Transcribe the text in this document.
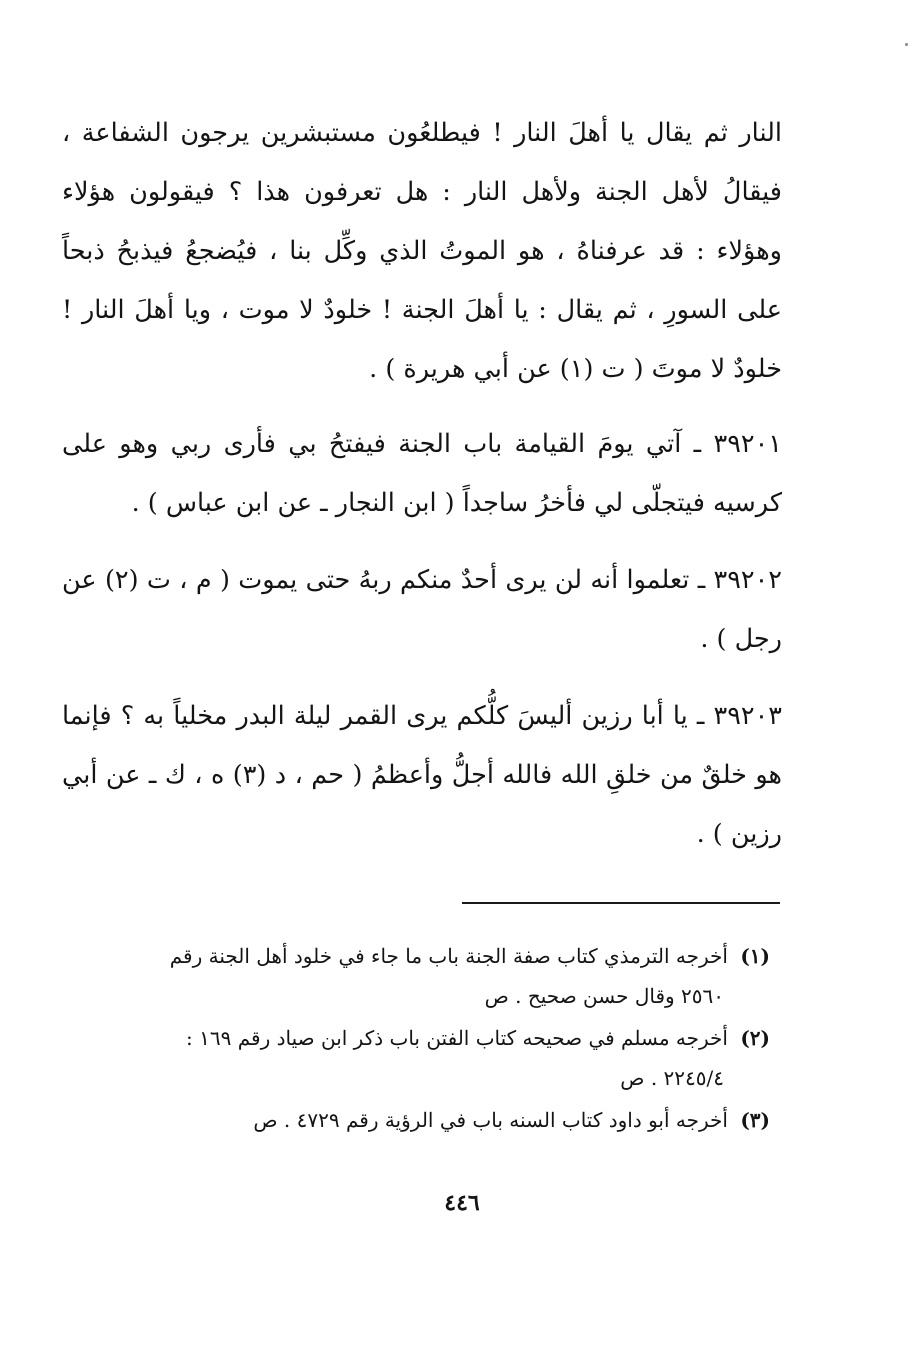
النار ثم يقال يا أهلَ النار ! فيطلعُون مستبشرين يرجون الشفاعة ، فيقالُ لأهل الجنة ولأهل النار : هل تعرفون هذا ؟ فيقولون هؤلاء وهؤلاء : قد عرفناهُ ، هو الموتُ الذي وكِّل بنا ، فيُضجعُ فيذبحُ ذبحاً على السورِ ، ثم يقال : يا أهلَ الجنة ! خلودٌ لا موت ، ويا أهلَ النار ! خلودٌ لا موتَ ( ت (١) عن أبي هريرة ) .

٣٩٢٠١ ـ آتي يومَ القيامة باب الجنة فيفتحُ بي فأرى ربي وهو على كرسيه فيتجلّى لي فأخرُ ساجداً ( ابن النجار ـ عن ابن عباس ) .

٣٩٢٠٢ ـ تعلموا أنه لن يرى أحدٌ منكم ربهُ حتى يموت ( م ، ت (٢) عن رجل ) .

٣٩٢٠٣ ـ يا أبا رزين أليسَ كلُّكم يرى القمر ليلة البدر مخلياً به ؟ فإنما هو خلقٌ من خلقِ الله فالله أجلُّ وأعظمُ ( حم ، د (٣) ه ، ك ـ عن أبي رزين ) .

(١) أخرجه الترمذي كتاب صفة الجنة باب ما جاء في خلود أهل الجنة رقم
٢٥٦٠ وقال حسن صحيح . ص
(٢) أخرجه مسلم في صحيحه كتاب الفتن باب ذكر ابن صياد رقم ١٦٩ :
٢٢٤٥/٤ . ص
(٣) أخرجه أبو داود كتاب السنه باب في الرؤية رقم ٤٧٢٩ . ص
٤٤٦
